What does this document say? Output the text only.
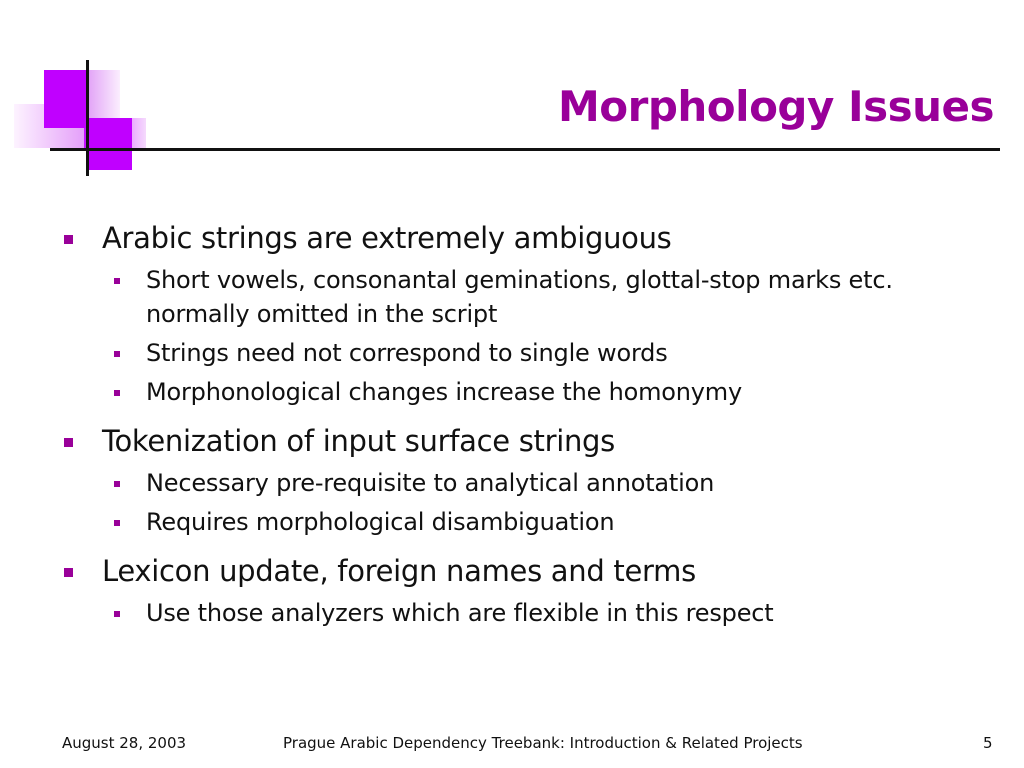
Morphology Issues
Arabic strings are extremely ambiguous
Short vowels, consonantal geminations, glottal-stop marks etc. normally omitted in the script
Strings need not correspond to single words
Morphonological changes increase the homonymy
Tokenization of input surface strings
Necessary pre-requisite to analytical annotation
Requires morphological disambiguation
Lexicon update, foreign names and terms
Use those analyzers which are flexible in this respect
August 28, 2003	Prague Arabic Dependency Treebank: Introduction & Related Projects	5
